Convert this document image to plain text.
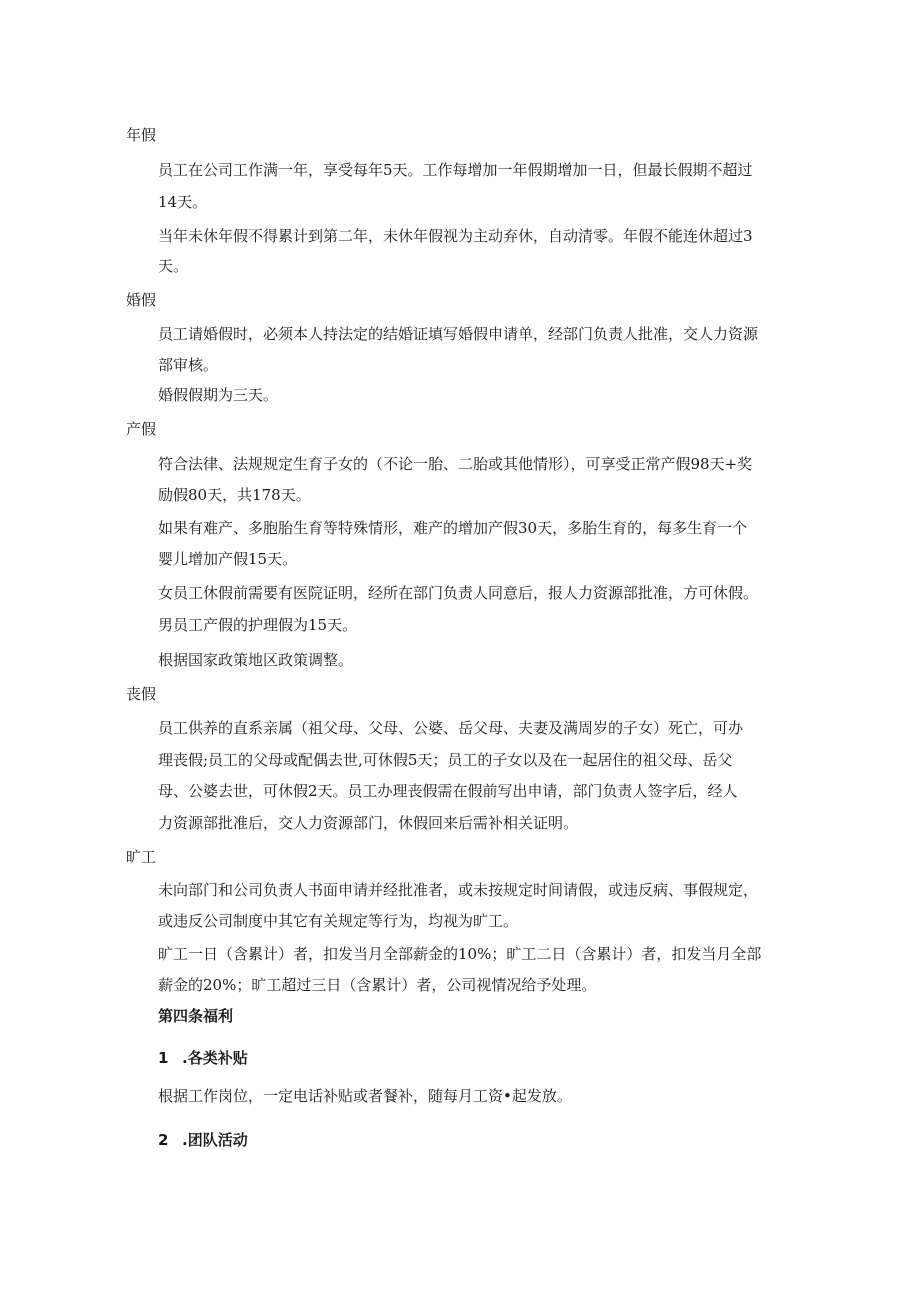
年假
员工在公司工作满一年，享受每年5天。工作每增加一年假期增加一日，但最长假期不超过
14天。
当年未休年假不得累计到第二年，未休年假视为主动弃休，自动清零。年假不能连休超过3
天。
婚假
员工请婚假时，必须本人持法定的结婚证填写婚假申请单，经部门负责人批准，交人力资源
部审核。
婚假假期为三天。
产假
符合法律、法规规定生育子女的（不论一胎、二胎或其他情形），可享受正常产假98天+奖
励假80天，共178天。
如果有难产、多胞胎生育等特殊情形，难产的增加产假30天，多胎生育的，每多生育一个
婴儿增加产假15天。
女员工休假前需要有医院证明，经所在部门负责人同意后，报人力资源部批准，方可休假。
男员工产假的护理假为15天。
根据国家政策地区政策调整。
丧假
员工供养的直系亲属（祖父母、父母、公婆、岳父母、夫妻及满周岁的子女）死亡，可办
理丧假;员工的父母或配偶去世,可休假5天；员工的子女以及在一起居住的祖父母、岳父
母、公婆去世，可休假2天。员工办理丧假需在假前写出申请，部门负责人签字后，经人
力资源部批准后，交人力资源部门，休假回来后需补相关证明。
旷工
未向部门和公司负责人书面申请并经批准者，或未按规定时间请假，或违反病、事假规定，
或违反公司制度中其它有关规定等行为，均视为旷工。
旷工一日（含累计）者，扣发当月全部薪金的10%；旷工二日（含累计）者，扣发当月全部
薪金的20%；旷工超过三日（含累计）者，公司视情况给予处理。
第四条福利
1 .各类补贴
根据工作岗位，一定电话补贴或者餐补，随每月工资•起发放。
2 .团队活动
